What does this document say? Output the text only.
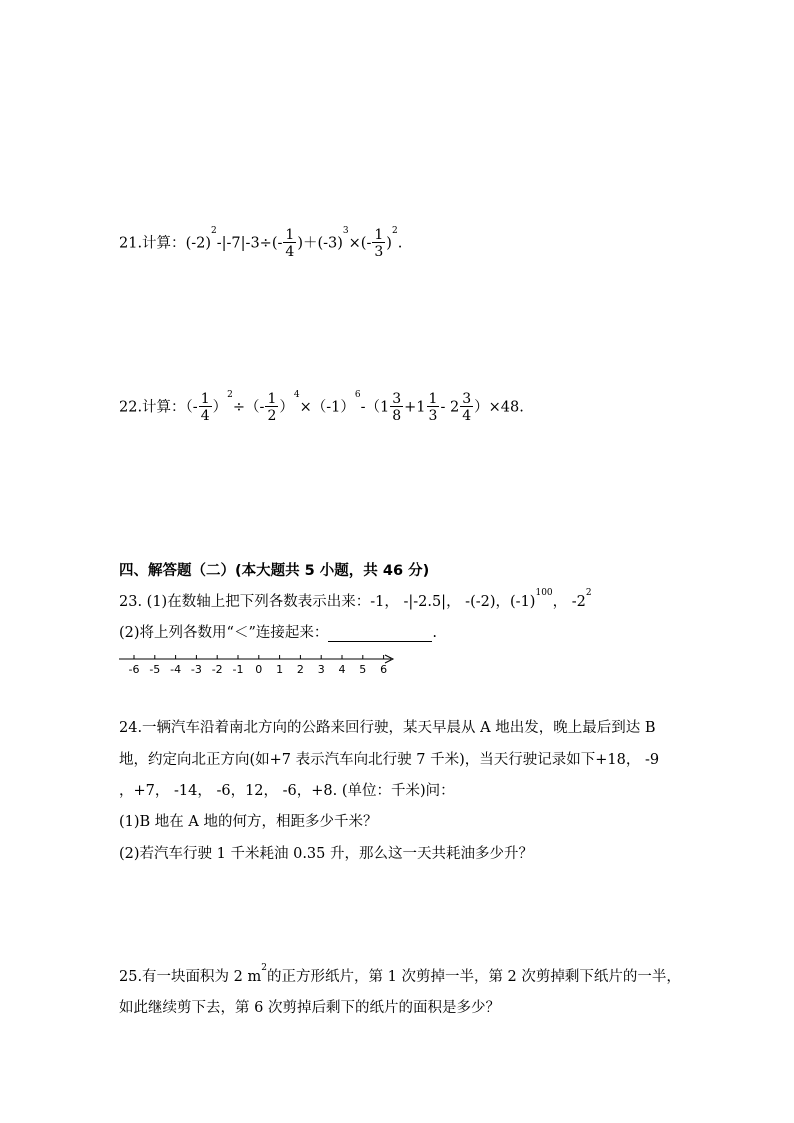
21.计算：$(-2)^2-|-7|-3\div(- \frac{1}{4} )+(-3)^3\times(- \frac{1}{3} )^2$.
22.计算：（- $\frac{1}{4} )^2\div(- \frac{1}{2} )^4\times(-1)^6-(1 \frac{3}{8} +1 \frac{1}{3} - 2 \frac{3}{4} )\times 48$.
四、解答题（二）(本大题共 5 小题，共 46 分)
23. (1)在数轴上把下列各数表示出来：-1， -|-2.5|， -(-2)，$(-1)^{100}$， $-2^2$
(2)将上列各数用“＜”连接起来：	.
-6 -5 -4 -3 -2 -1 0 1 2 3 4 5 6
24.一辆汽车沿着南北方向的公路来回行驶，某天早晨从 A 地出发，晚上最后到达 B
地，约定向北正方向(如+7 表示汽车向北行驶 7 千米)，当天行驶记录如下+18， -9
，+7， -14， -6，12， -6，+8. (单位：千米)问：
(1)B 地在 A 地的何方，相距多少千米？
(2)若汽车行驶 1 千米耗油 0.35 升，那么这一天共耗油多少升？
25.有一块面积为 2 $m^2$的正方形纸片，第 1 次剪掉一半，第 2 次剪掉剩下纸片的一半，
如此继续剪下去，第 6 次剪掉后剩下的纸片的面积是多少？
